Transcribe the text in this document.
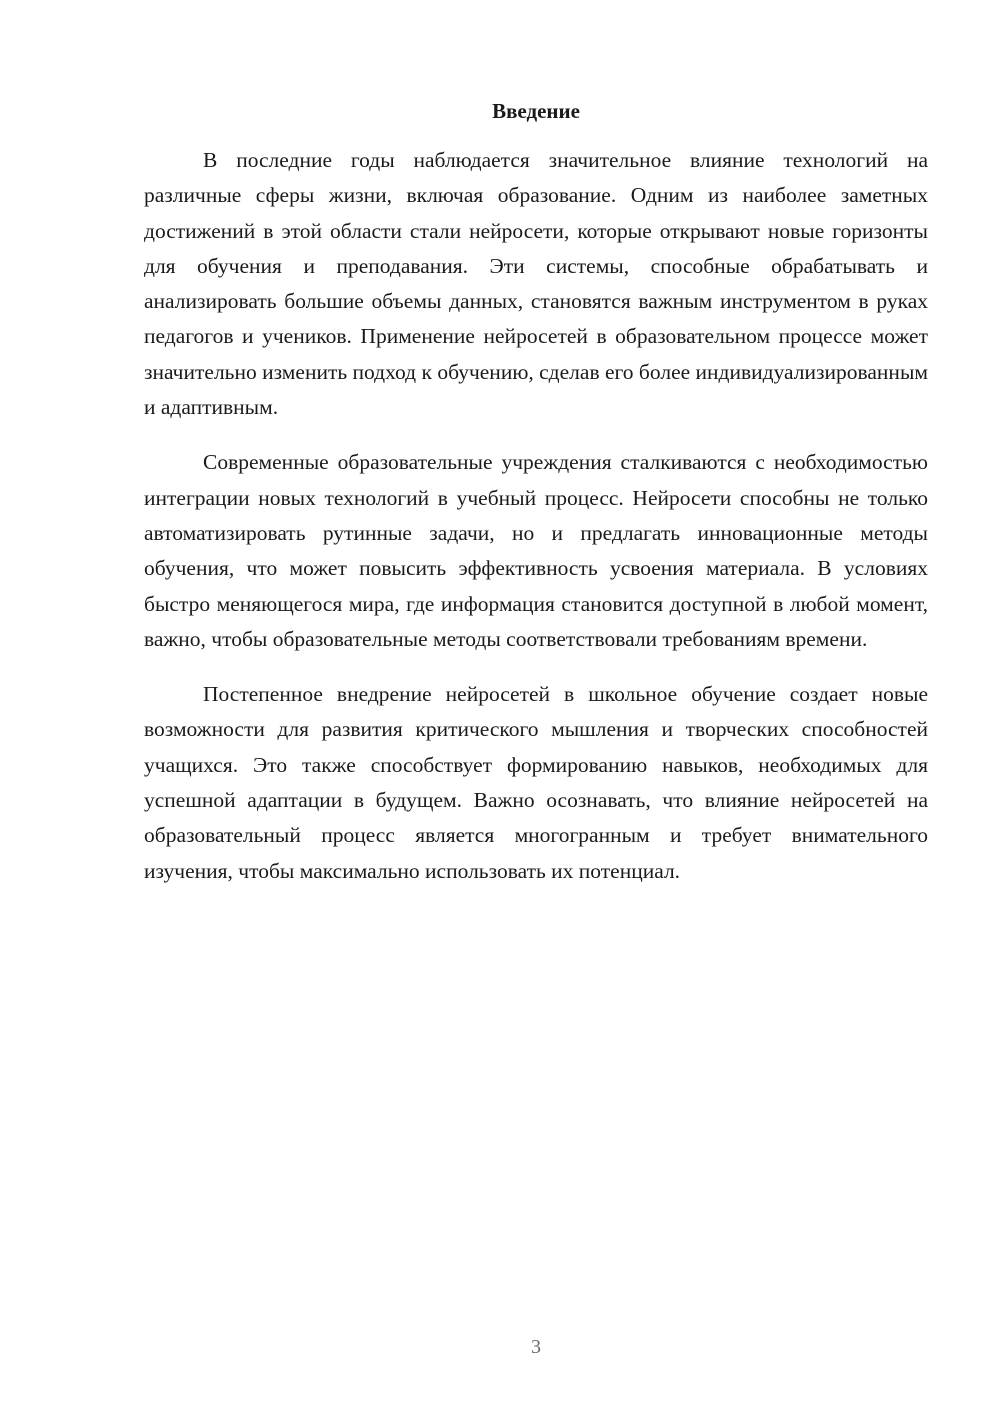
Введение

В последние годы наблюдается значительное влияние технологий на различные сферы жизни, включая образование. Одним из наиболее заметных достижений в этой области стали нейросети, которые открывают новые горизонты для обучения и преподавания. Эти системы, способные обрабатывать и анализировать большие объемы данных, становятся важным инструментом в руках педагогов и учеников. Применение нейросетей в образовательном процессе может значительно изменить подход к обучению, сделав его более индивидуализированным и адаптивным.

Современные образовательные учреждения сталкиваются с необходимостью интеграции новых технологий в учебный процесс. Нейросети способны не только автоматизировать рутинные задачи, но и предлагать инновационные методы обучения, что может повысить эффективность усвоения материала. В условиях быстро меняющегося мира, где информация становится доступной в любой момент, важно, чтобы образовательные методы соответствовали требованиям времени.

Постепенное внедрение нейросетей в школьное обучение создает новые возможности для развития критического мышления и творческих способностей учащихся. Это также способствует формированию навыков, необходимых для успешной адаптации в будущем. Важно осознавать, что влияние нейросетей на образовательный процесс является многогранным и требует внимательного изучения, чтобы максимально использовать их потенциал.

3
